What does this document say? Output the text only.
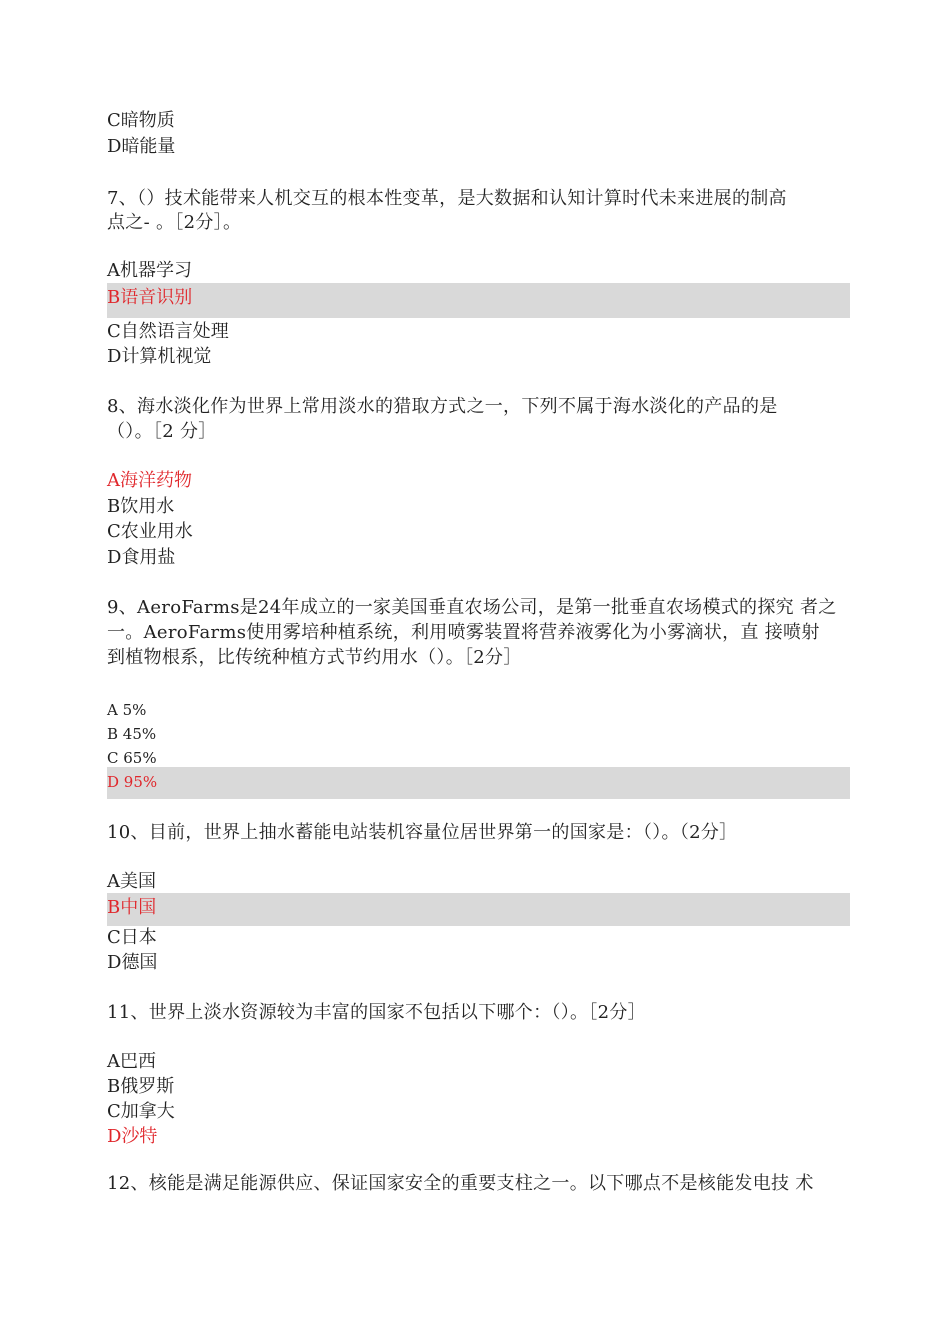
C暗物质
D暗能量
7、（）技术能带来人机交互的根本性变革，是大数据和认知计算时代未来进展的制高
点之- 。［2分］。
A机器学习
B语音识别
C自然语言处理
D计算机视觉
8、海水淡化作为世界上常用淡水的猎取方式之一，下列不属于海水淡化的产品的是
（）。［2 分］
A海洋药物
B饮用水
C农业用水
D食用盐
9、AeroFarms是24年成立的一家美国垂直农场公司，是第一批垂直农场模式的探究 者之
一。AeroFarms使用雾培种植系统，利用喷雾装置将营养液雾化为小雾滴状，直 接喷射
到植物根系，比传统种植方式节约用水（）。［2分］
A 5%
B 45%
C 65%
D 95%
10、目前，世界上抽水蓄能电站装机容量位居世界第一的国家是：（）。（2分］
A美国
B中国
C日本
D德国
11、世界上淡水资源较为丰富的国家不包括以下哪个：（）。［2分］
A巴西
B俄罗斯
C加拿大
D沙特
12、核能是满足能源供应、保证国家安全的重要支柱之一。以下哪点不是核能发电技 术
